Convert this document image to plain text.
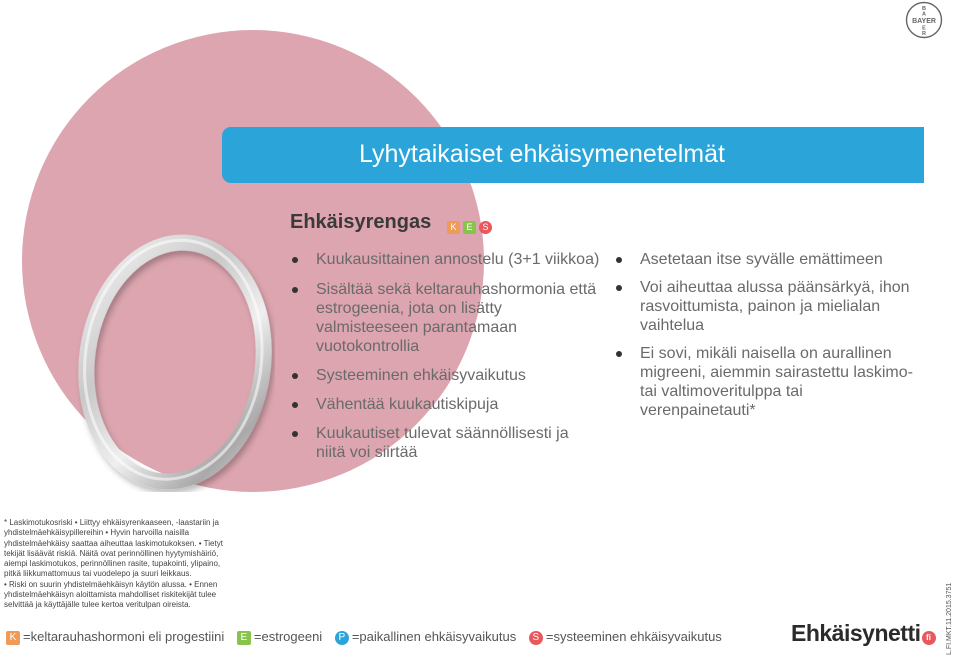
Lyhytaikaiset ehkäisymenetelmät
BAYER
B
A
E
R
Ehkäisyrengas	K E S
Kuukausittainen annostelu (3+1 viikkoa)
Sisältää sekä keltarauhashormonia että estrogeenia, jota on lisätty valmisteeseen parantamaan vuotokontrollia
Systeeminen ehkäisyvaikutus
Vähentää kuukautiskipuja
Kuukautiset tulevat säännöllisesti ja niitä voi siirtää
Asetetaan itse syvälle emättimeen
Voi aiheuttaa alussa päänsärkyä, ihon rasvoittumista, painon ja mielialan vaihtelua
Ei sovi, mikäli naisella on aurallinen migreeni, aiemmin sairastettu laskimo- tai valtimoveritulppa tai verenpainetauti*

* Laskimotukosriski • Liittyy ehkäisyrenkaaseen, -laastariin ja yhdistelmäehkäisypillereihin • Hyvin harvoilla naisilla yhdistelmäehkäisy saattaa aiheuttaa laskimotukoksen. • Tietyt tekijät lisäävät riskiä. Näitä ovat perinnöllinen hyytymishäiriö, aiempi laskimotukos, perinnöllinen rasite, tupakointi, ylipaino, pitkä liikkumattomuus tai vuodelepo ja suuri leikkaus.

• Riski on suurin yhdistelmäehkäisyn käytön alussa. • Ennen yhdistelmäehkäisyn aloittamista mahdolliset riskitekijät tulee selvittää ja käyttäjälle tulee kertoa veritulpan oireista.

K =keltarauhashormoni eli progestiini E =estrogeeni P =paikallinen ehkäisyvaikutus S =systeeminen ehkäisyvaikutus	Ehkäisynetti fi	L.FI.MKT.11.2015.3751
